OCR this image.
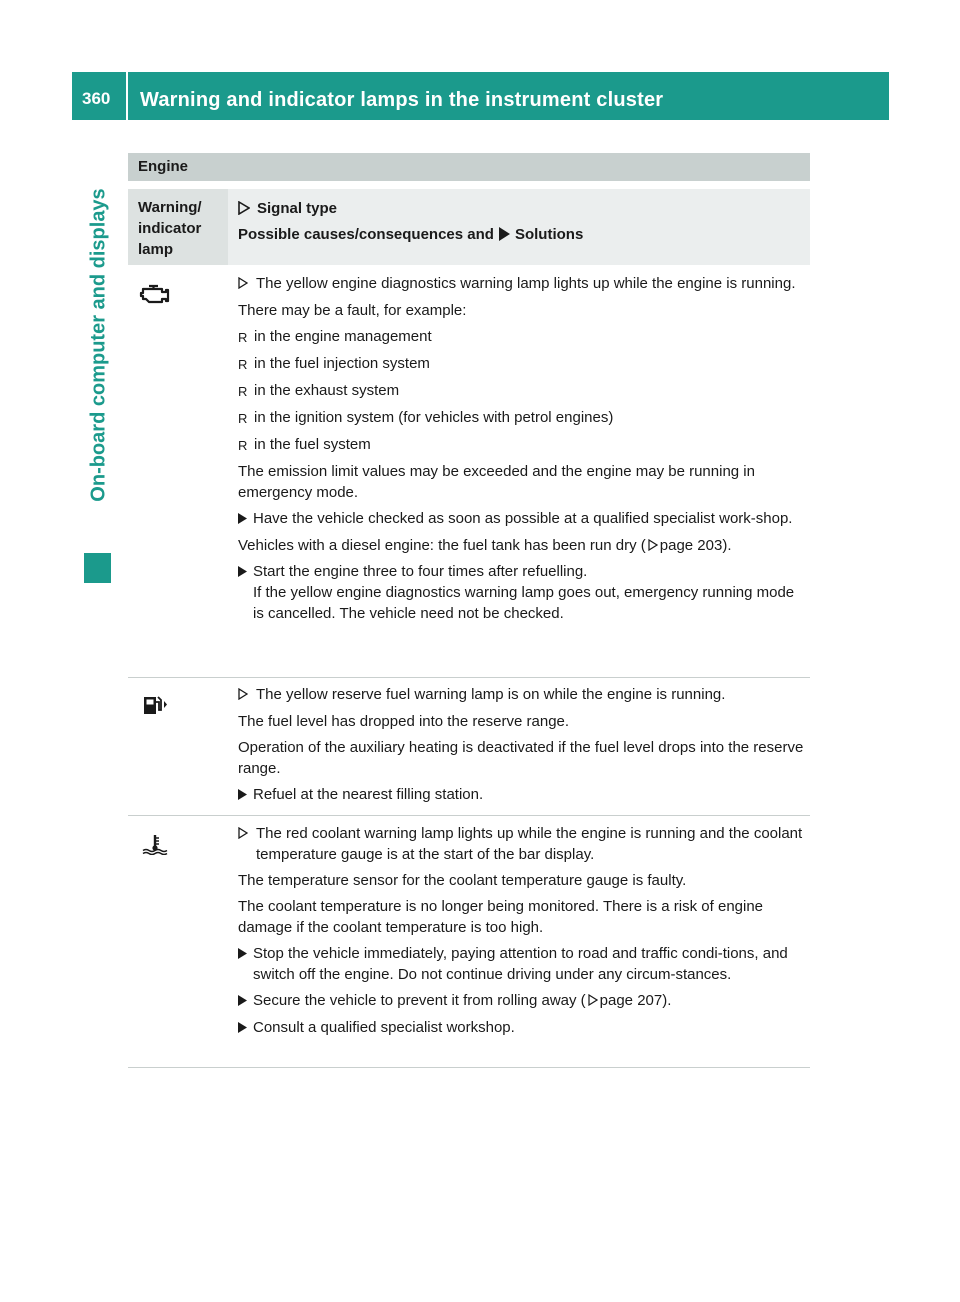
360	Warning and indicator lamps in the instrument cluster
On-board computer and displays
Engine
Warning/
indicator
lamp
Signal type
Possible causes/consequences and Solutions
The yellow engine diagnostics warning lamp lights up while the engine is running.

There may be a fault, for example:

R in the engine management
R in the fuel injection system
R in the exhaust system
R in the ignition system (for vehicles with petrol engines)
R in the fuel system

The emission limit values may be exceeded and the engine may be running in emergency mode.

Have the vehicle checked as soon as possible at a qualified specialist work-shop.

Vehicles with a diesel engine: the fuel tank has been run dry ( page 203).

Start the engine three to four times after refuelling.
If the yellow engine diagnostics warning lamp goes out, emergency running mode is cancelled. The vehicle need not be checked.
The yellow reserve fuel warning lamp is on while the engine is running.

The fuel level has dropped into the reserve range.

Operation of the auxiliary heating is deactivated if the fuel level drops into the reserve range.

Refuel at the nearest filling station.
The red coolant warning lamp lights up while the engine is running and the coolant temperature gauge is at the start of the bar display.

The temperature sensor for the coolant temperature gauge is faulty.

The coolant temperature is no longer being monitored. There is a risk of engine damage if the coolant temperature is too high.

Stop the vehicle immediately, paying attention to road and traffic condi-tions, and switch off the engine. Do not continue driving under any circum-stances.
Secure the vehicle to prevent it from rolling away ( page 207).
Consult a qualified specialist workshop.
